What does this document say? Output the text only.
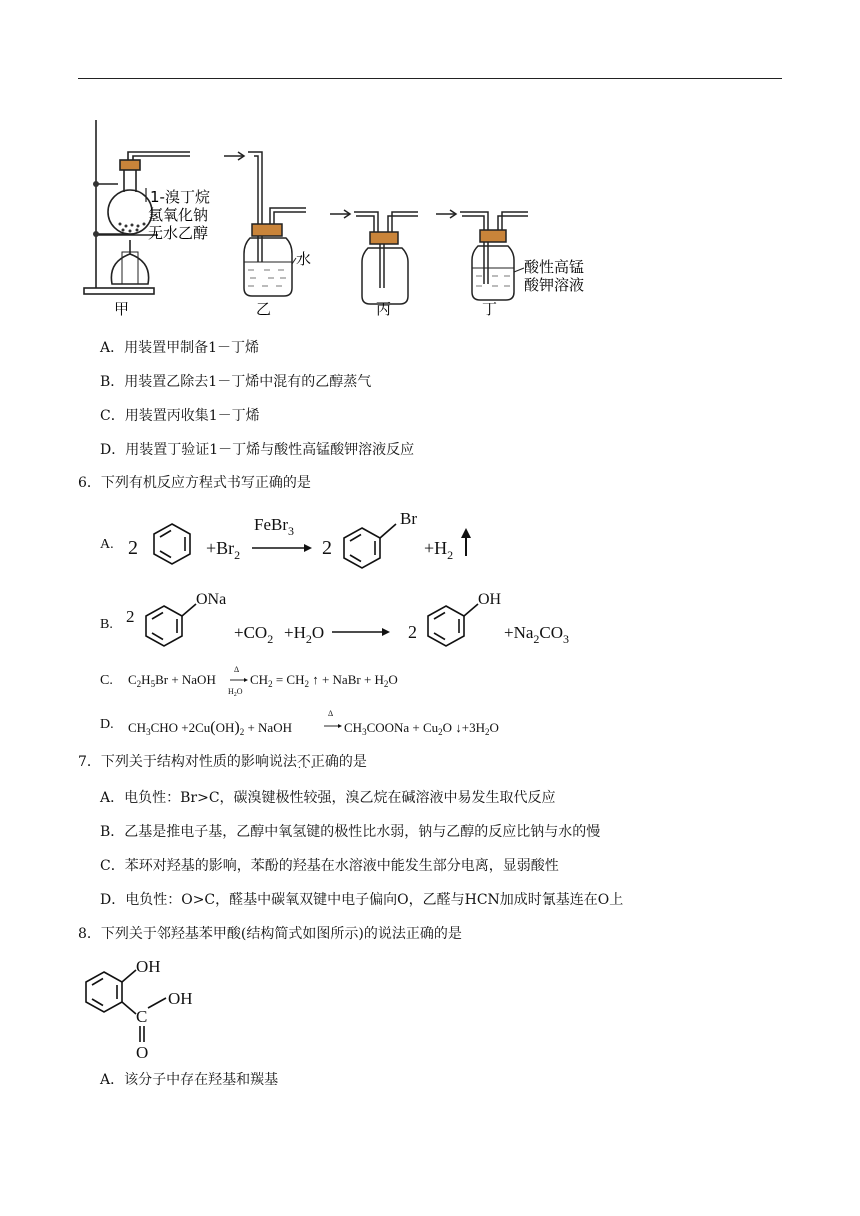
1-溴丁烷
氢氧化钠
无水乙醇
水	酸性高锰
酸钾溶液
甲	乙	丙	丁
A．用装置甲制备1－丁烯
B．用装置乙除去1－丁烯中混有的乙醇蒸气
C．用装置丙收集1－丁烯
D．用装置丁验证1－丁烯与酸性高锰酸钾溶液反应
6．下列有机反应方程式书写正确的是
A. 2	$+Br_2$
FeBr$_3$
2
Br
$+H_2$
B. 2
ONa
$+CO_2 +H_2O$	2
OH
$+Na_2CO_3$
C. $C_2H_5Br$ + NaOH
Δ
$H_2O$
$CH_2 = CH_2$ ↑ + NaBr + $H_2O$
D. $CH_3CHO +2Cu(OH)_2$ + NaOH
Δ
$CH_3COONa + Cu_2O$ $↓+3H_2O$
7．下列关于结构对性质的影响说法不正确 · · ·的是
A．电负性：Br>C，碳溴键极性较强，溴乙烷在碱溶液中易发生取代反应
B．乙基是推电子基，乙醇中氧氢键的极性比水弱，钠与乙醇的反应比钠与水的慢
C．苯环对羟基的影响，苯酚的羟基在水溶液中能发生部分电离，显弱酸性
D．电负性：O>C，醛基中碳氧双键中电子偏向O，乙醛与HCN加成时氰基连在O上
8．下列关于邻羟基苯甲酸(结构简式如图所示)的说法正确的是
OH
C
OH
O
A．该分子中存在羟基和羰基
